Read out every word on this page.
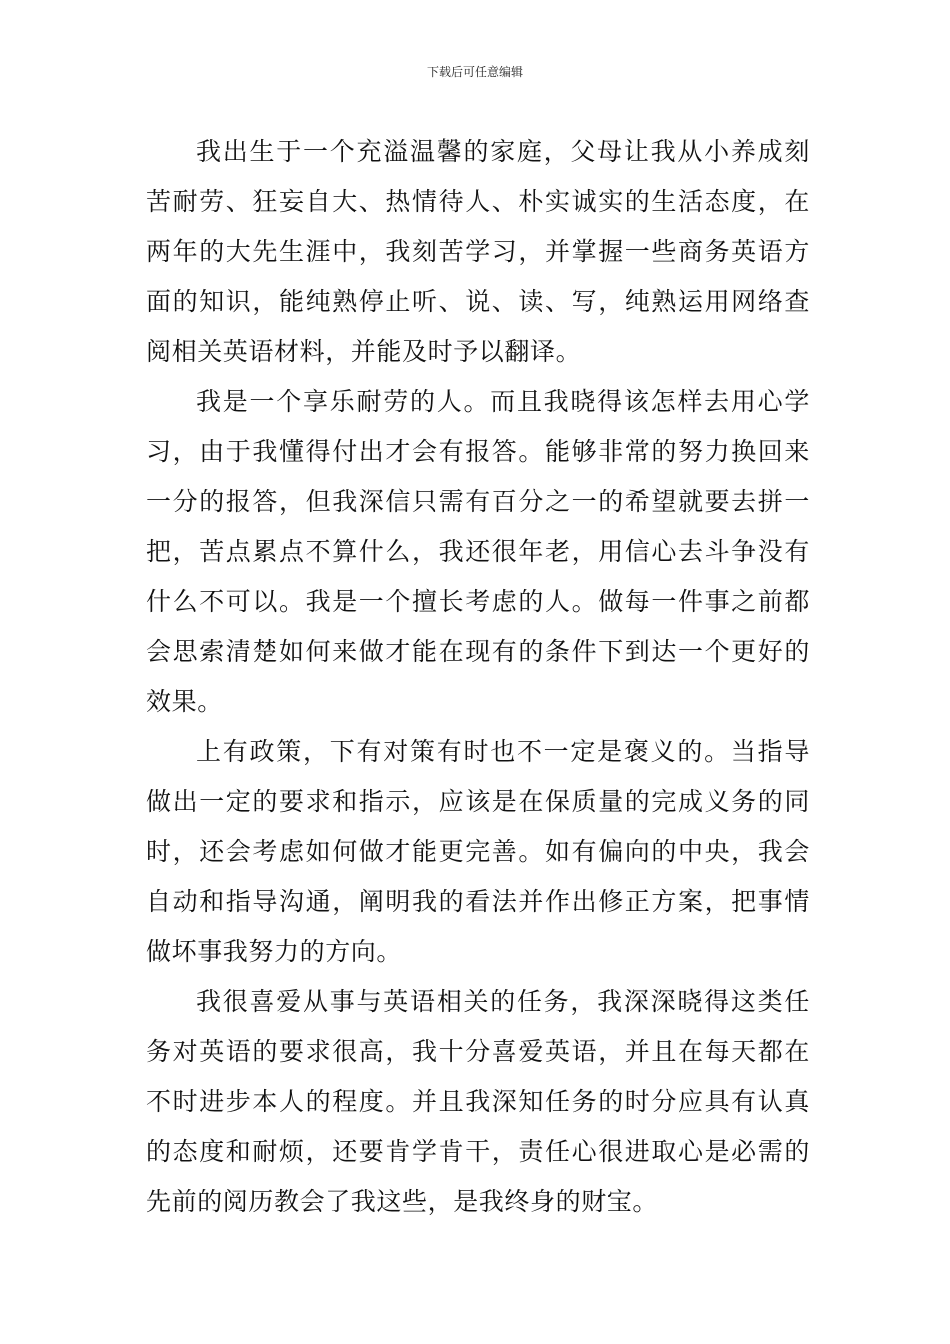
下载后可任意编辑

我出生于一个充溢温馨的家庭，父母让我从小养成刻苦耐劳、狂妄自大、热情待人、朴实诚实的生活态度，在两年的大先生涯中，我刻苦学习，并掌握一些商务英语方面的知识，能纯熟停止听、说、读、写，纯熟运用网络查阅相关英语材料，并能及时予以翻译。

我是一个享乐耐劳的人。而且我晓得该怎样去用心学习，由于我懂得付出才会有报答。能够非常的努力换回来一分的报答，但我深信只需有百分之一的希望就要去拼一把，苦点累点不算什么，我还很年老，用信心去斗争没有什么不可以。我是一个擅长考虑的人。做每一件事之前都会思索清楚如何来做才能在现有的条件下到达一个更好的效果。

上有政策，下有对策有时也不一定是褒义的。当指导做出一定的要求和指示，应该是在保质量的完成义务的同时，还会考虑如何做才能更完善。如有偏向的中央，我会自动和指导沟通，阐明我的看法并作出修正方案，把事情做坏事我努力的方向。

我很喜爱从事与英语相关的任务，我深深晓得这类任务对英语的要求很高，我十分喜爱英语，并且在每天都在不时进步本人的程度。并且我深知任务的时分应具有认真的态度和耐烦，还要肯学肯干，责任心很进取心是必需的先前的阅历教会了我这些，是我终身的财宝。
